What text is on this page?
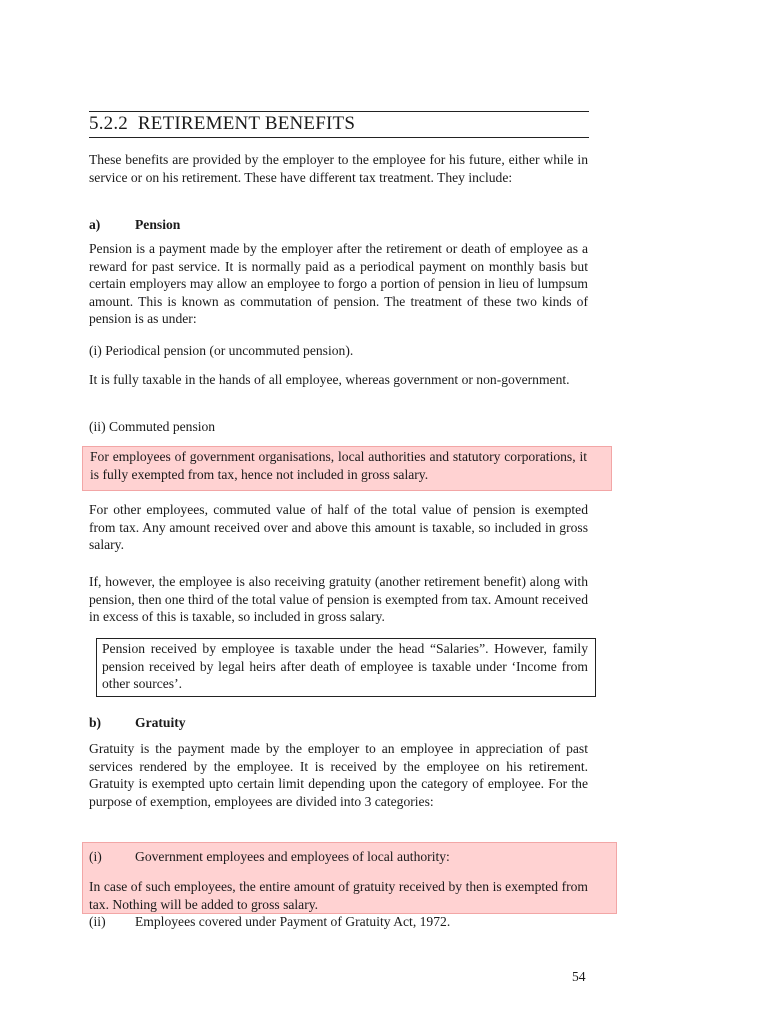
5.2.2 RETIREMENT BENEFITS

These benefits are provided by the employer to the employee for his future, either while in service or on his retirement. These have different tax treatment. They include:

a)	Pension

Pension is a payment made by the employer after the retirement or death of employee as a reward for past service. It is normally paid as a periodical payment on monthly basis but certain employers may allow an employee to forgo a portion of pension in lieu of lumpsum amount. This is known as commutation of pension. The treatment of these two kinds of pension is as under:

(i) Periodical pension (or uncommuted pension).

It is fully taxable in the hands of all employee, whereas government or non-government.

(ii) Commuted pension

For employees of government organisations, local authorities and statutory corporations, it is fully exempted from tax, hence not included in gross salary.

For other employees, commuted value of half of the total value of pension is exempted from tax. Any amount received over and above this amount is taxable, so included in gross salary.

If, however, the employee is also receiving gratuity (another retirement benefit) along with pension, then one third of the total value of pension is exempted from tax. Amount received in excess of this is taxable, so included in gross salary.

Pension received by employee is taxable under the head “Salaries”. However, family pension received by legal heirs after death of employee is taxable under ‘Income from other sources’.

b) Gratuity

Gratuity is the payment made by the employer to an employee in appreciation of past services rendered by the employee. It is received by the employee on his retirement. Gratuity is exempted upto certain limit depending upon the category of employee. For the purpose of exemption, employees are divided into 3 categories:

(i) Government employees and employees of local authority:

In case of such employees, the entire amount of gratuity received by then is exempted from tax. Nothing will be added to gross salary.

(ii) Employees covered under Payment of Gratuity Act, 1972.
54
